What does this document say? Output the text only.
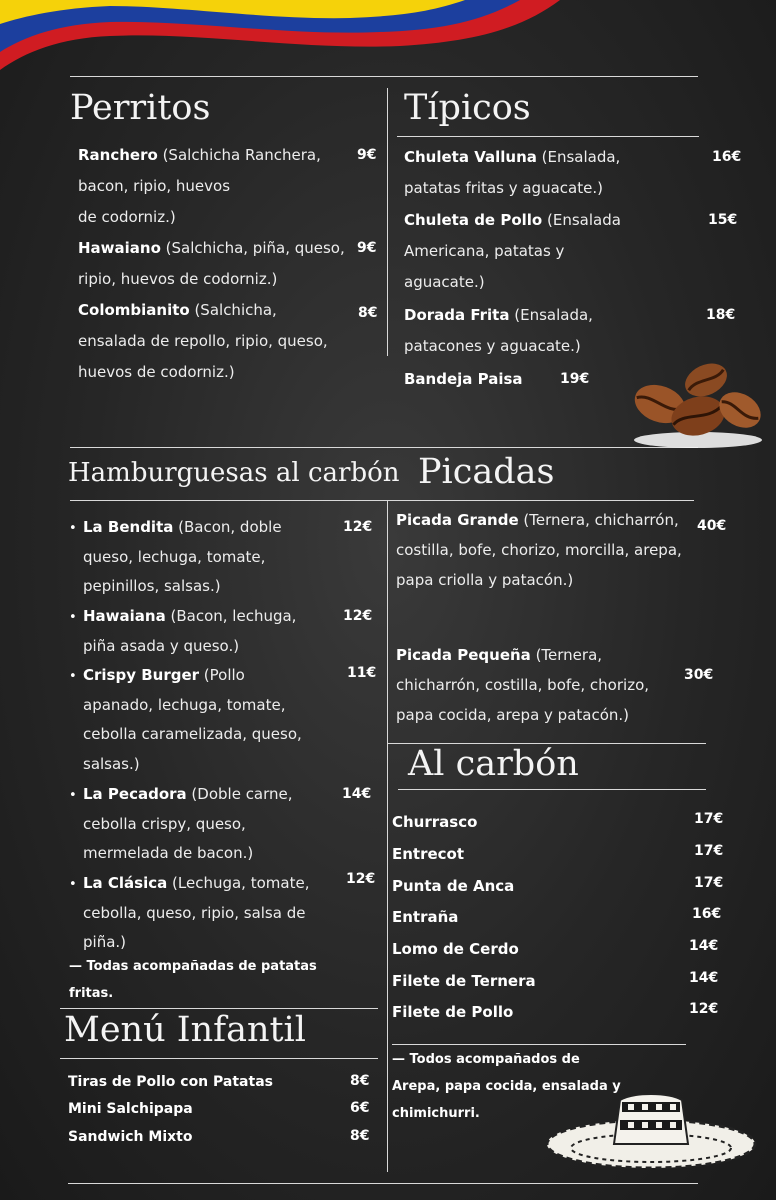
Perritos
Ranchero (Salchicha Ranchera,
bacon, ripio, huevos
de codorniz.)
9€
Hawaiano (Salchicha, piña, queso,
ripio, huevos de codorniz.)
9€
Colombianito (Salchicha,
ensalada de repollo, ripio, queso,
huevos de codorniz.)
8€
Típicos
Chuleta Valluna (Ensalada,
patatas fritas y aguacate.)
16€
Chuleta de Pollo (Ensalada
Americana, patatas y
aguacate.)
15€
Dorada Frita (Ensalada,
patacones y aguacate.)
18€
Bandeja Paisa	19€
Hamburguesas al carbón
• La Bendita (Bacon, doble
queso, lechuga, tomate,
pepinillos, salsas.)
12€
• Hawaiana (Bacon, lechuga,
piña asada y queso.)
12€
• Crispy Burger (Pollo
apanado, lechuga, tomate,
cebolla caramelizada, queso,
salsas.)
11€
• La Pecadora (Doble carne,
cebolla crispy, queso,
mermelada de bacon.)
14€
• La Clásica (Lechuga, tomate,
cebolla, queso, ripio, salsa de
piña.)
12€
— Todas acompañadas de patatas
fritas.
Picadas
Picada Grande (Ternera, chicharrón,
costilla, bofe, chorizo, morcilla, arepa,
papa criolla y patacón.)
40€
Picada Pequeña (Ternera,
chicharrón, costilla, bofe, chorizo,
papa cocida, arepa y patacón.)
30€
Al carbón
Churrasco	17€
Entrecot	17€
Punta de Anca	17€
Entraña	16€
Lomo de Cerdo	14€
Filete de Ternera	14€
Filete de Pollo	12€
— Todos acompañados de
Arepa, papa cocida, ensalada y
chimichurri.
Menú Infantil
Tiras de Pollo con Patatas	8€
Mini Salchipapa	6€
Sandwich Mixto	8€
